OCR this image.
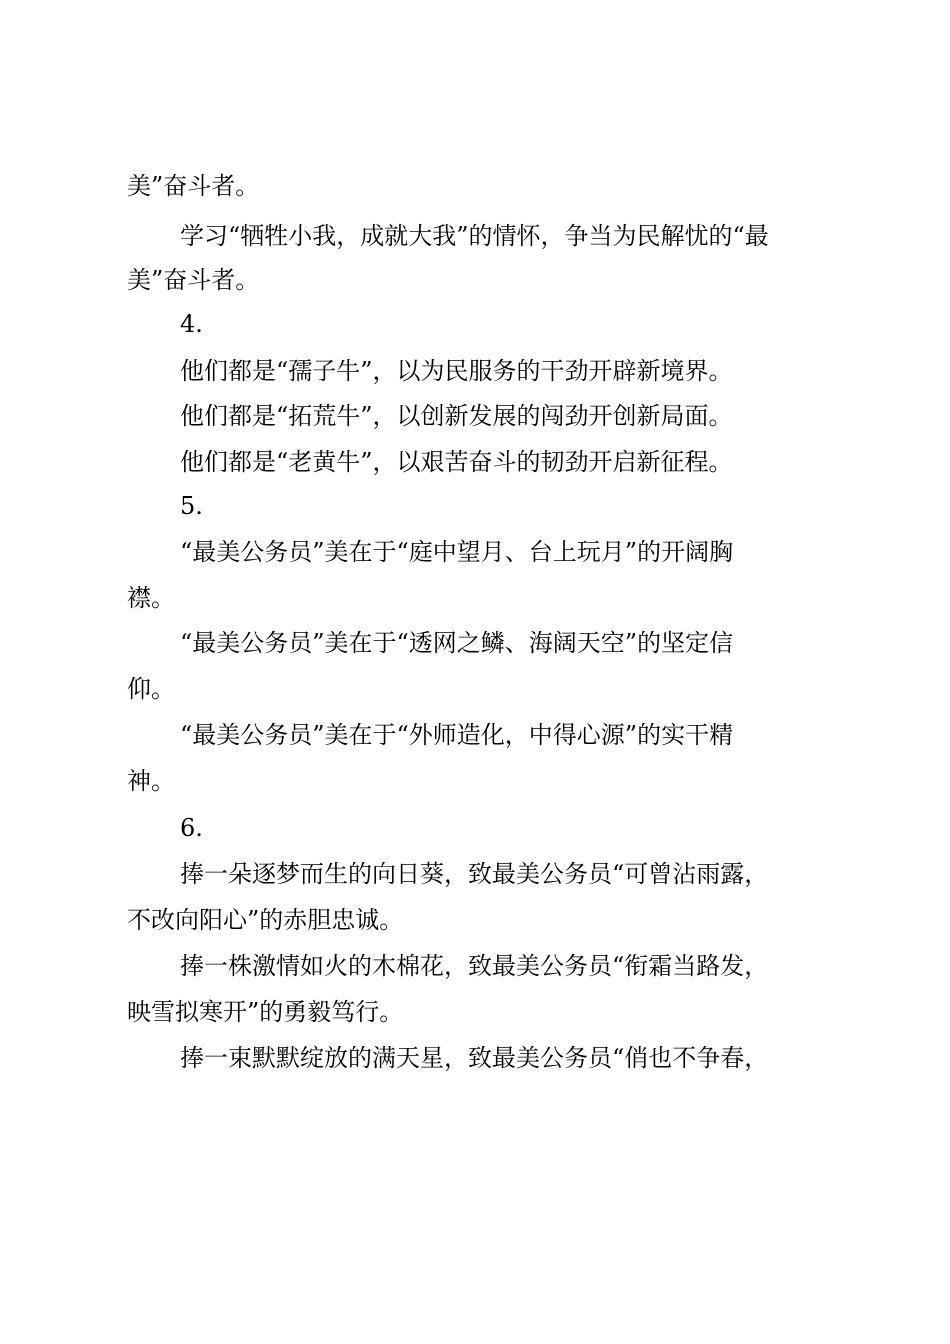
美”奋斗者。
学习“牺牲小我，成就大我”的情怀，争当为民解忧的“最
美”奋斗者。
4.
他们都是“孺子牛”，以为民服务的干劲开辟新境界。
他们都是“拓荒牛”，以创新发展的闯劲开创新局面。
他们都是“老黄牛”，以艰苦奋斗的韧劲开启新征程。
5.
“最美公务员”美在于“庭中望月、台上玩月”的开阔胸
襟。
“最美公务员”美在于“透网之鳞、海阔天空”的坚定信
仰。
“最美公务员”美在于“外师造化，中得心源”的实干精
神。
6.
捧一朵逐梦而生的向日葵，致最美公务员“可曾沾雨露，
不改向阳心”的赤胆忠诚。
捧一株激情如火的木棉花，致最美公务员“衔霜当路发，
映雪拟寒开”的勇毅笃行。
捧一束默默绽放的满天星，致最美公务员“俏也不争春，
